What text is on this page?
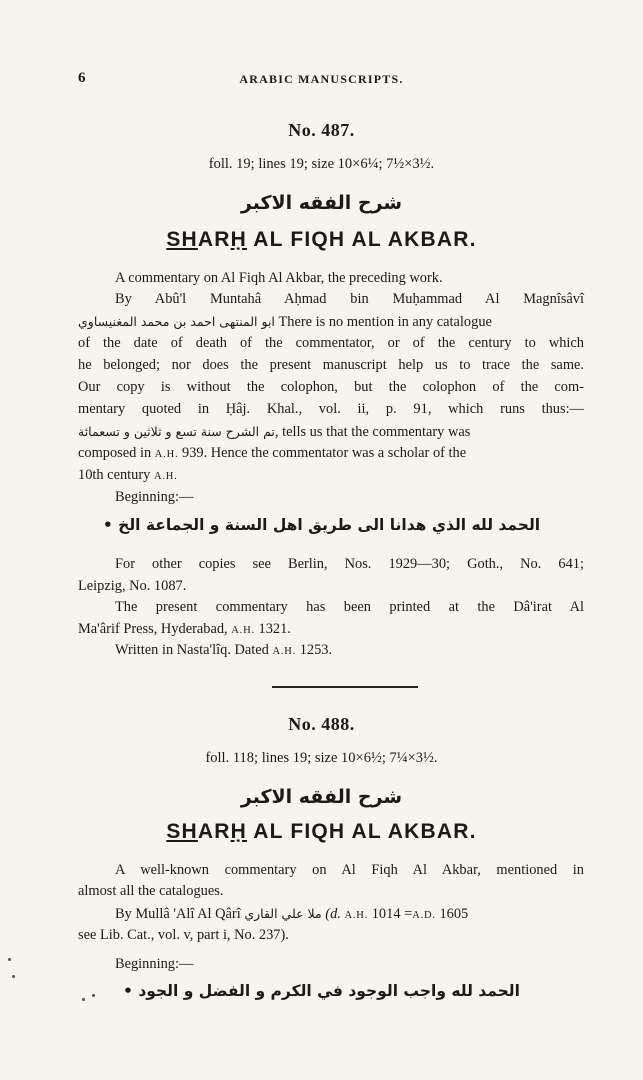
6	ARABIC MANUSCRIPTS.
No. 487.
foll. 19; lines 19; size 10×6¼; 7½×3½.
شرح الفقه الاكبر
SHARḤ AL FIQH AL AKBAR.
A commentary on Al Fiqh Al Akbar, the preceding work.
By Abû'l Muntahâ Aḥmad bin Muḥammad Al Magnîsâvî
ابو المنتهى احمد بن محمد المغنيساوي There is no mention in any catalogue
of the date of death of the commentator, or of the century to which
he belonged; nor does the present manuscript help us to trace the same.
Our copy is without the colophon, but the colophon of the com-
mentary quoted in Ḥâj. Khal., vol. ii, p. 91, which runs thus:—
تم الشرح سنة تسع و ثلاثين و تسعمائة, tells us that the commentary was
composed in A.H. 939. Hence the commentator was a scholar of the
10th century A.H.
Beginning:—
الحمد لله الذي هدانا الى طريق اهل السنة و الجماعة الخ •
For other copies see Berlin, Nos. 1929—30; Goth., No. 641;
Leipzig, No. 1087.
The present commentary has been printed at the Dâ'irat Al
Ma'ârif Press, Hyderabad, A.H. 1321.
Written in Nasta'lîq. Dated A.H. 1253.
No. 488.
foll. 118; lines 19; size 10×6½; 7¼×3½.
شرح الفقه الاكبر
SHARḤ AL FIQH AL AKBAR.
A well-known commentary on Al Fiqh Al Akbar, mentioned in
almost all the catalogues.
By Mullâ 'Alî Al Qârî ملا علي القاري (d. A.H. 1014 =A.D. 1605
see Lib. Cat., vol. v, part i, No. 237).
Beginning:—
الحمد لله واجب الوجود في الكرم و الفضل و الجود •
